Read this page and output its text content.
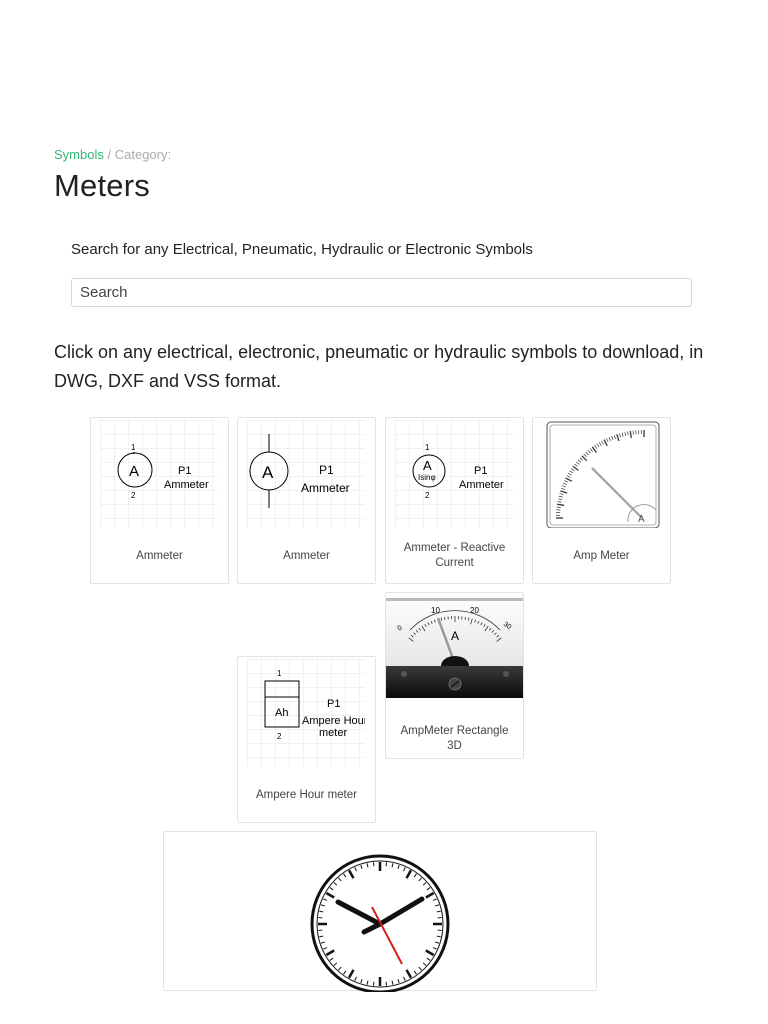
Symbols / Category:
Meters
Search for any Electrical, Pneumatic, Hydraulic or Electronic Symbols
Search

Click on any electrical, electronic, pneumatic or hydraulic symbols to download, in DWG, DXF and VSS format.

1
A
2
P1
Ammeter
Ammeter
A	P1
Ammeter
Ammeter
1
A
Isinφ
2
P1
Ammeter
Ammeter - Reactive Current
A
Amp Meter
0
10	20
30
A
AmpMeter Rectangle 3D
1
Ah
2
P1
Ampere Hour
meter
Ampere Hour meter
